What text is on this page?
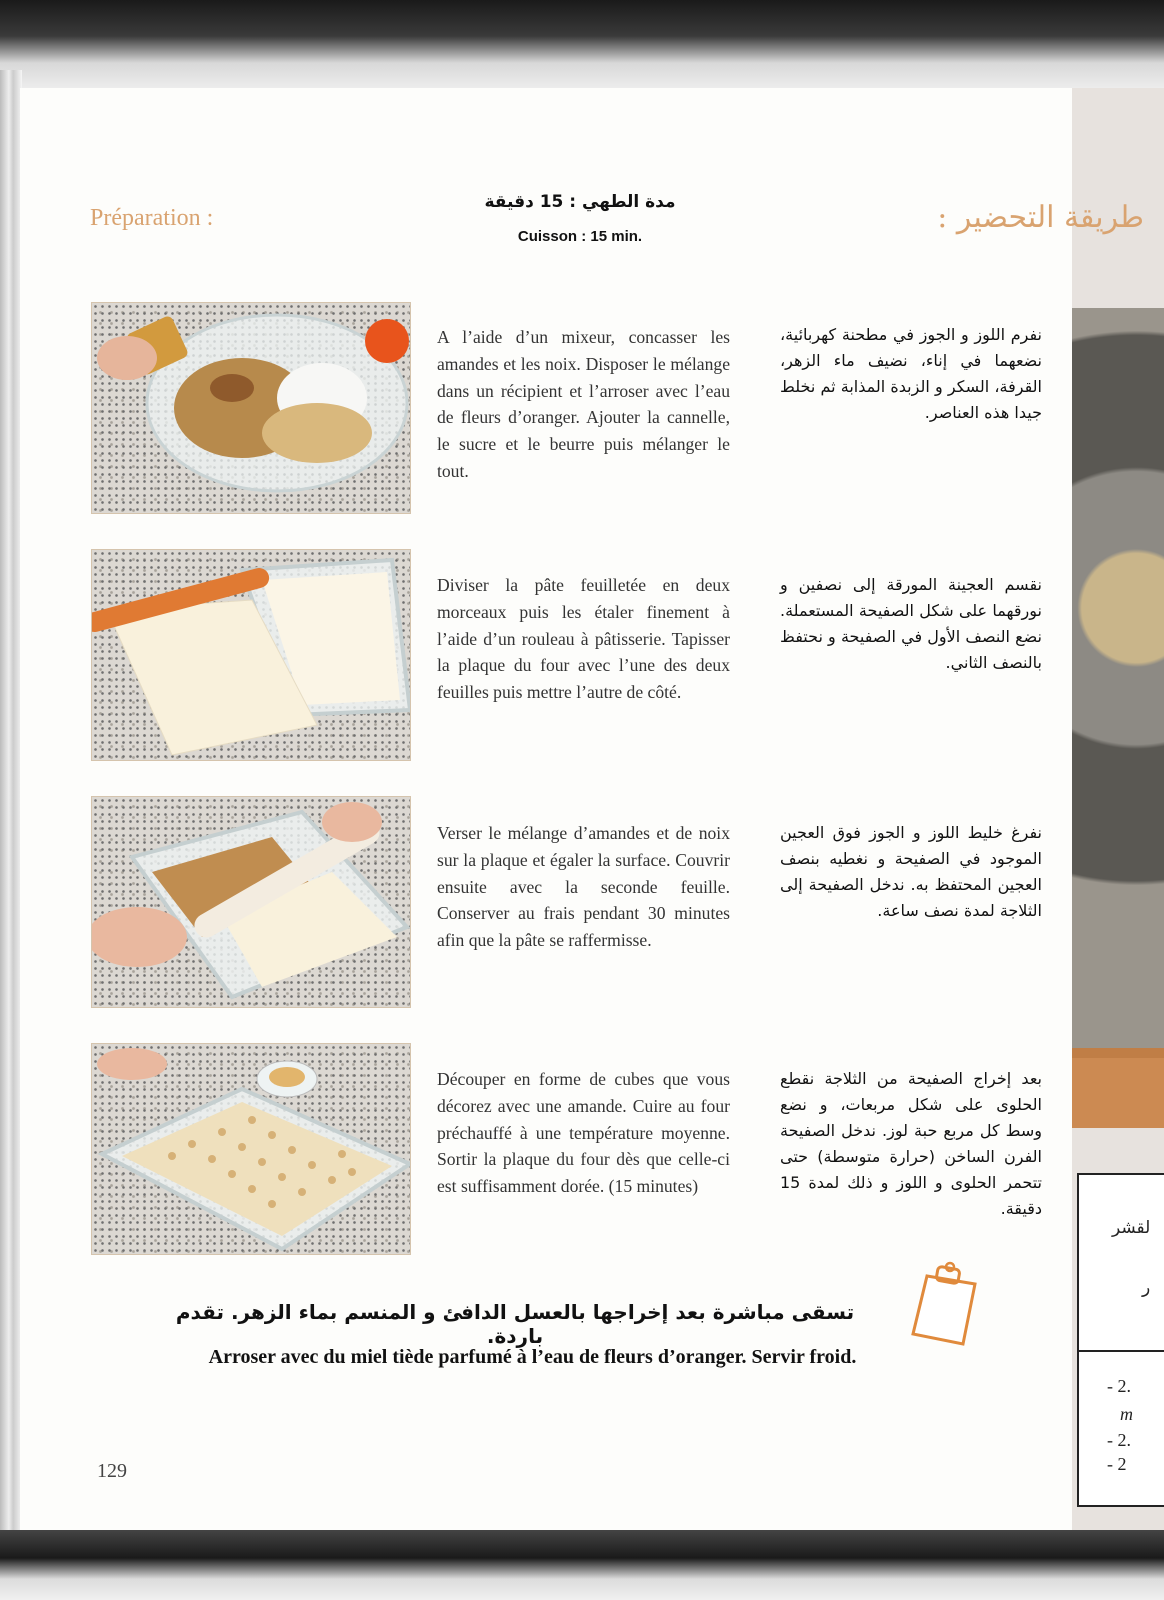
لقشر
ر
- 2.
m
- 2.
- 2
Préparation :	طريقة التحضير :
مدة الطهي : 15 دقيقة
Cuisson : 15 min.
A l’aide d’un mixeur, concasser les amandes et les noix. Disposer le mélange dans un récipient et l’arroser avec l’eau de fleurs d’oranger. Ajouter la cannelle, le sucre et le beurre puis mélanger le tout.
نفرم اللوز و الجوز في مطحنة كهربائية، نضعهما في إناء، نضيف ماء الزهر، القرفة، السكر و الزبدة المذابة ثم نخلط جيدا هذه العناصر.
Diviser la pâte feuilletée en deux morceaux puis les étaler finement à l’aide d’un rouleau à pâtisserie. Tapisser la plaque du four avec l’une des deux feuilles puis mettre l’autre de côté.
نقسم العجينة المورقة إلى نصفين و نورقهما على شكل الصفيحة المستعملة. نضع النصف الأول في الصفيحة و نحتفظ بالنصف الثاني.
Verser le mélange d’amandes et de noix sur la plaque et égaler la surface. Couvrir ensuite avec la seconde feuille. Conserver au frais pendant 30 minutes afin que la pâte se raffermisse.
نفرغ خليط اللوز و الجوز فوق العجين الموجود في الصفيحة و نغطيه بنصف العجين المحتفظ به. ندخل الصفيحة إلى الثلاجة لمدة نصف ساعة.
Découper en forme de cubes que vous décorez avec une amande. Cuire au four préchauffé à une température moyenne. Sortir la plaque du four dès que celle-ci est suffisamment dorée. (15 minutes)
بعد إخراج الصفيحة من الثلاجة نقطع الحلوى على شكل مربعات، و نضع وسط كل مربع حبة لوز. ندخل الصفيحة الفرن الساخن (حرارة متوسطة) حتى تتحمر الحلوى و اللوز و ذلك لمدة 15 دقيقة.
تسقى مباشرة بعد إخراجها بالعسل الدافئ و المنسم بماء الزهر. تقدم باردة.
Arroser avec du miel tiède parfumé à l’eau de fleurs d’oranger. Servir froid.
129
